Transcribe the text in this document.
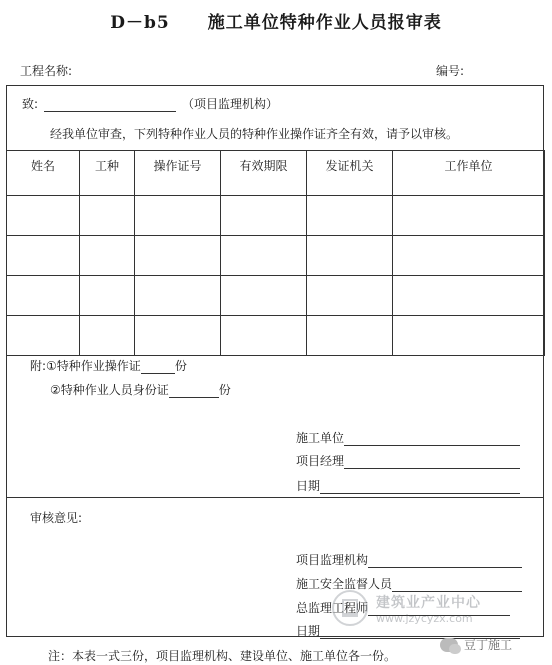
D－b5 施工单位特种作业人员报审表
工程名称:	编号:
致:	（项目监理机构）
经我单位审查，下列特种作业人员的特种作业操作证齐全有效，请予以审核。
姓名	工种	操作证号	有效期限	发证机关	工作单位

附:①特种作业操作证	份
②特种作业人员身份证	份
施工单位
项目经理
日期
审核意见:
项目监理机构
施工安全监督人员
总监理工程师
日期
建筑业产业中心
www.jzycyzx.com
豆丁施工
注：本表一式三份，项目监理机构、建设单位、施工单位各一份。
